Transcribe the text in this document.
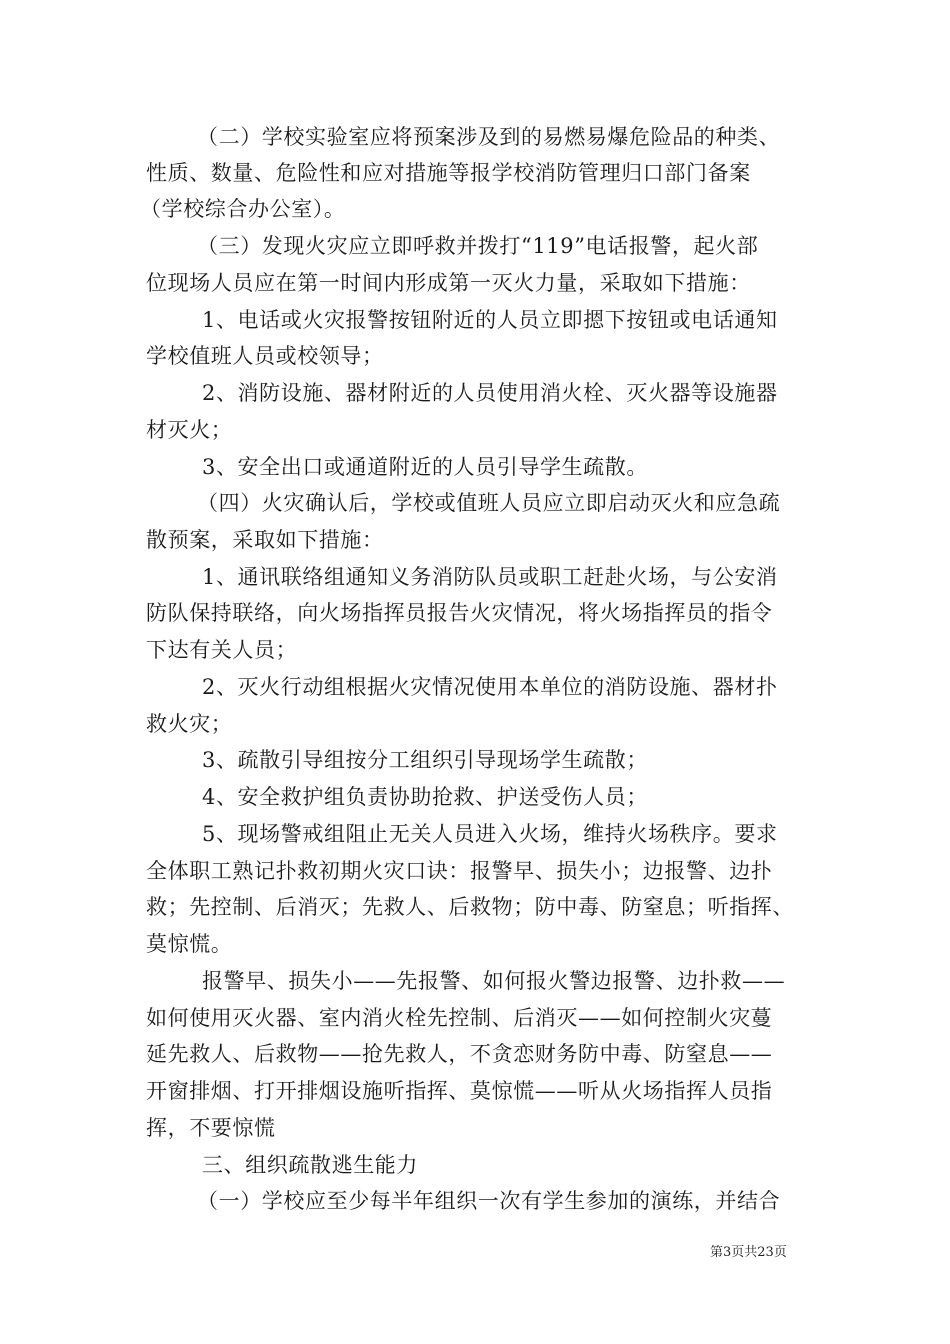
（二）学校实验室应将预案涉及到的易燃易爆危险品的种类、
性质、数量、危险性和应对措施等报学校消防管理归口部门备案
（学校综合办公室）。
（三）发现火灾应立即呼救并拨打“119”电话报警，起火部
位现场人员应在第一时间内形成第一灭火力量，采取如下措施：
1、电话或火灾报警按钮附近的人员立即摁下按钮或电话通知
学校值班人员或校领导；
2、消防设施、器材附近的人员使用消火栓、灭火器等设施器
材灭火；
3、安全出口或通道附近的人员引导学生疏散。
（四）火灾确认后，学校或值班人员应立即启动灭火和应急疏
散预案，采取如下措施：
1、通讯联络组通知义务消防队员或职工赶赴火场，与公安消
防队保持联络，向火场指挥员报告火灾情况，将火场指挥员的指令
下达有关人员；
2、灭火行动组根据火灾情况使用本单位的消防设施、器材扑
救火灾；
3、疏散引导组按分工组织引导现场学生疏散；
4、安全救护组负责协助抢救、护送受伤人员；
5、现场警戒组阻止无关人员进入火场，维持火场秩序。要求
全体职工熟记扑救初期火灾口诀：报警早、损失小；边报警、边扑
救；先控制、后消灭；先救人、后救物；防中毒、防窒息；听指挥、
莫惊慌。
报警早、损失小——先报警、如何报火警边报警、边扑救——
如何使用灭火器、室内消火栓先控制、后消灭——如何控制火灾蔓
延先救人、后救物——抢先救人，不贪恋财务防中毒、防窒息——
开窗排烟、打开排烟设施听指挥、莫惊慌——听从火场指挥人员指
挥，不要惊慌
三、组织疏散逃生能力
（一）学校应至少每半年组织一次有学生参加的演练，并结合
第3页共23页
